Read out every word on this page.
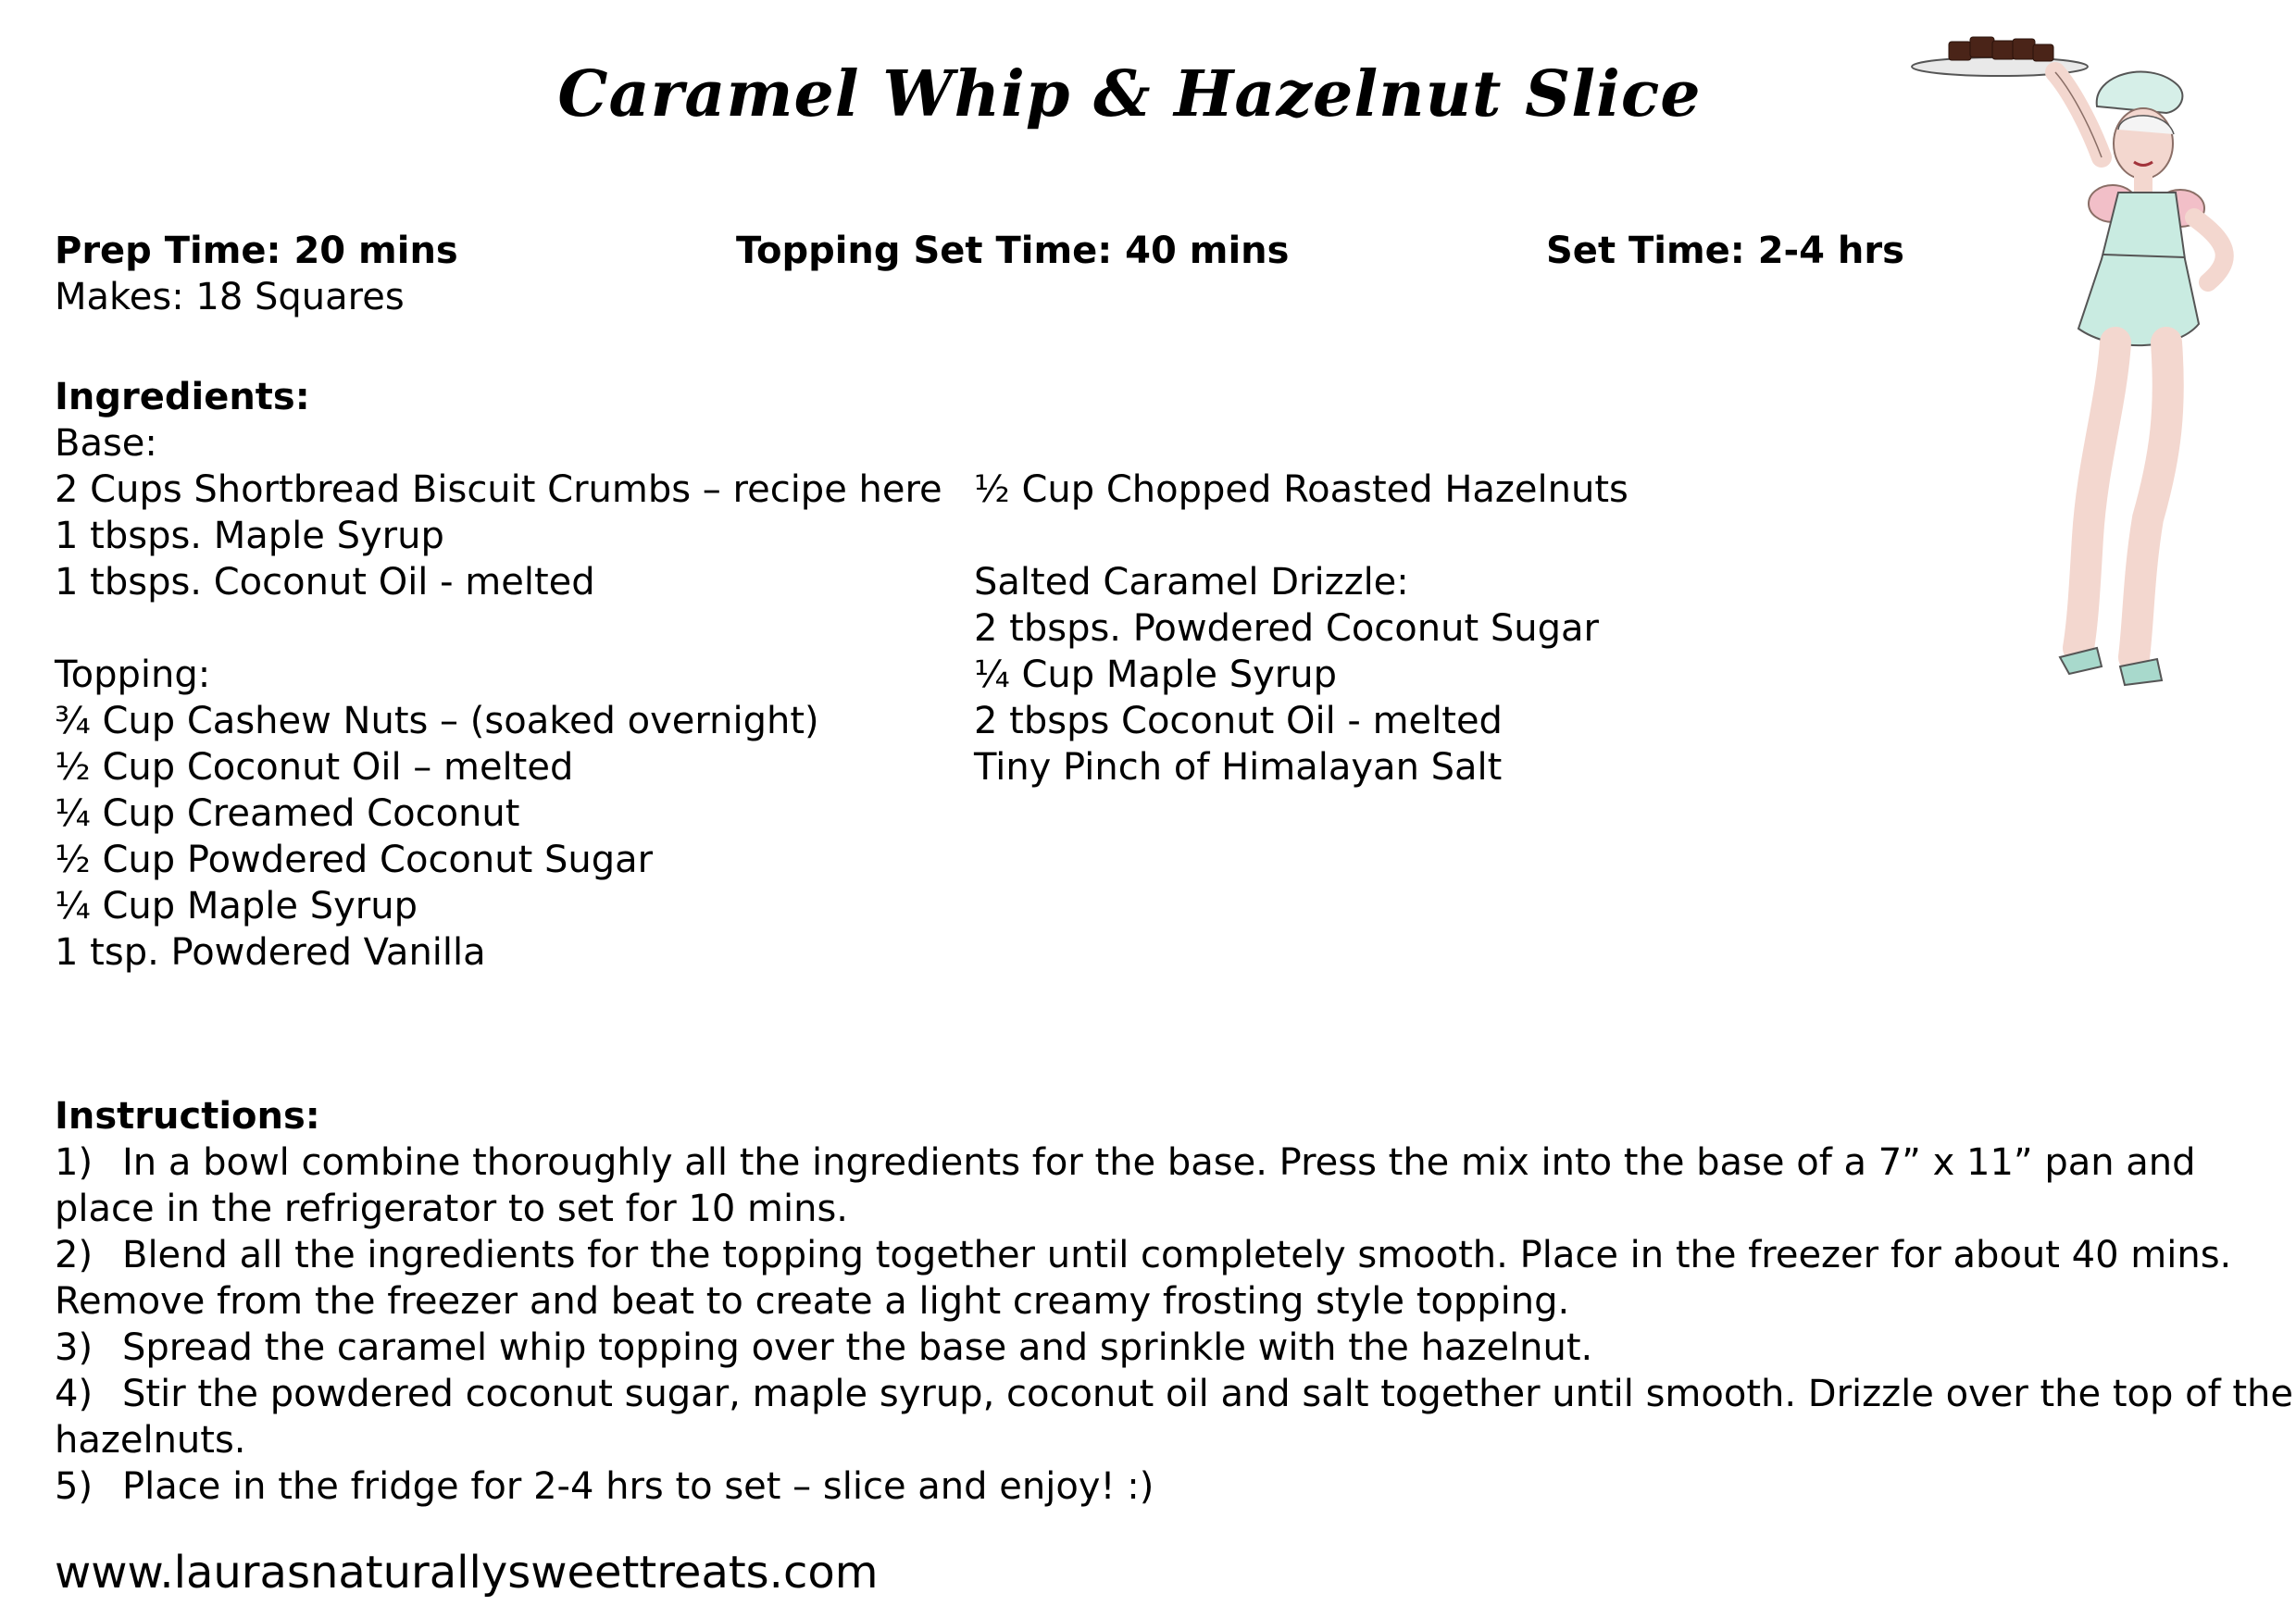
Caramel Whip & Hazelnut Slice
Prep Time: 20 mins	Topping Set Time: 40 mins	Set Time: 2-4 hrs
Makes: 18 Squares
Ingredients:
Base:
2 Cups Shortbread Biscuit Crumbs – recipe here
1 tbsps. Maple Syrup
1 tbsps. Coconut Oil - melted
Topping:
¾ Cup Cashew Nuts – (soaked overnight)
½ Cup Coconut Oil – melted
¼ Cup Creamed Coconut
½ Cup Powdered Coconut Sugar
¼ Cup Maple Syrup
1 tsp. Powdered Vanilla
½ Cup Chopped Roasted Hazelnuts
Salted Caramel Drizzle:
2 tbsps. Powdered Coconut Sugar
¼ Cup Maple Syrup
2 tbsps Coconut Oil - melted
Tiny Pinch of Himalayan Salt
Instructions:
1) In a bowl combine thoroughly all the ingredients for the base. Press the mix into the base of a 7” x 11” pan and place in the refrigerator to set for 10 mins.
2) Blend all the ingredients for the topping together until completely smooth. Place in the freezer for about 40 mins. Remove from the freezer and beat to create a light creamy frosting style topping.
3) Spread the caramel whip topping over the base and sprinkle with the hazelnut.
4) Stir the powdered coconut sugar, maple syrup, coconut oil and salt together until smooth. Drizzle over the top of the hazelnuts.
5) Place in the fridge for 2-4 hrs to set – slice and enjoy! :)
www.laurasnaturallysweettreats.com
